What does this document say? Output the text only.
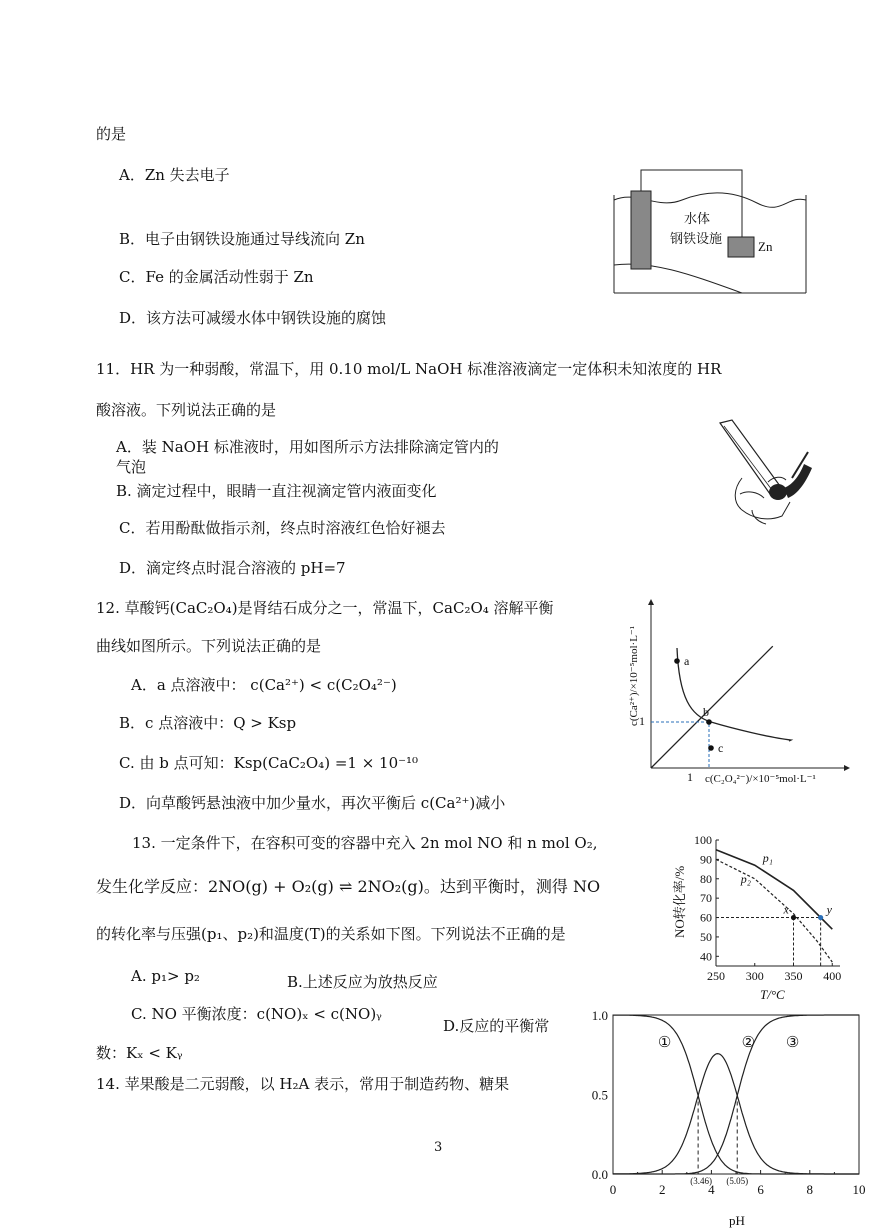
的是
A．Zn 失去电子
B．电子由钢铁设施通过导线流向 Zn
C．Fe 的金属活动性弱于 Zn
D．该方法可减缓水体中钢铁设施的腐蚀
水体
钢铁设施
Zn
11．HR 为一种弱酸，常温下，用 0.10 mol/L NaOH 标准溶液滴定一定体积未知浓度的 HR
酸溶液。下列说法正确的是
A．装 NaOH 标准液时，用如图所示方法排除滴定管内的
气泡
B. 滴定过程中，眼睛一直注视滴定管内液面变化
C．若用酚酞做指示剂，终点时溶液红色恰好褪去
D．滴定终点时混合溶液的 pH=7
12. 草酸钙(CaC₂O₄)是肾结石成分之一，常温下，CaC₂O₄ 溶解平衡
曲线如图所示。下列说法正确的是
A．a 点溶液中： c(Ca²⁺) < c(C₂O₄²⁻)
B．c 点溶液中：Q > Ksp
C. 由 b 点可知：Ksp(CaC₂O₄) =1 × 10⁻¹⁰
D．向草酸钙悬浊液中加少量水，再次平衡后 c(Ca²⁺)减小
a
b
c
1
1
c(C₂O₄²⁻)/×10⁻⁵mol·L⁻¹
c(Ca²⁺)/×10⁻⁵mol·L⁻¹
13. 一定条件下，在容积可变的容器中充入 2n mol NO 和 n mol O₂,
发生化学反应：2NO(g) + O₂(g) ⇌ 2NO₂(g)。达到平衡时，测得 NO
的转化率与压强(p₁、p₂)和温度(T)的关系如下图。下列说法不正确的是
A. p₁> p₂	B.上述反应为放热反应
C. NO 平衡浓度：c(NO)ₓ < c(NO)ᵧ
D.反应的平衡常
数：Kₓ < Kᵧ
40
50
60
70
80
90
100
250 300 350 400
p₁
p₂
x	y
NO转化率/%
T/°C
14. 苹果酸是二元弱酸，以 H₂A 表示，常用于制造药物、糖果
3
0	2	4	6	8	10
0.0
0.5
1.0
(3.46) (5.05)
①	② ③
pH
